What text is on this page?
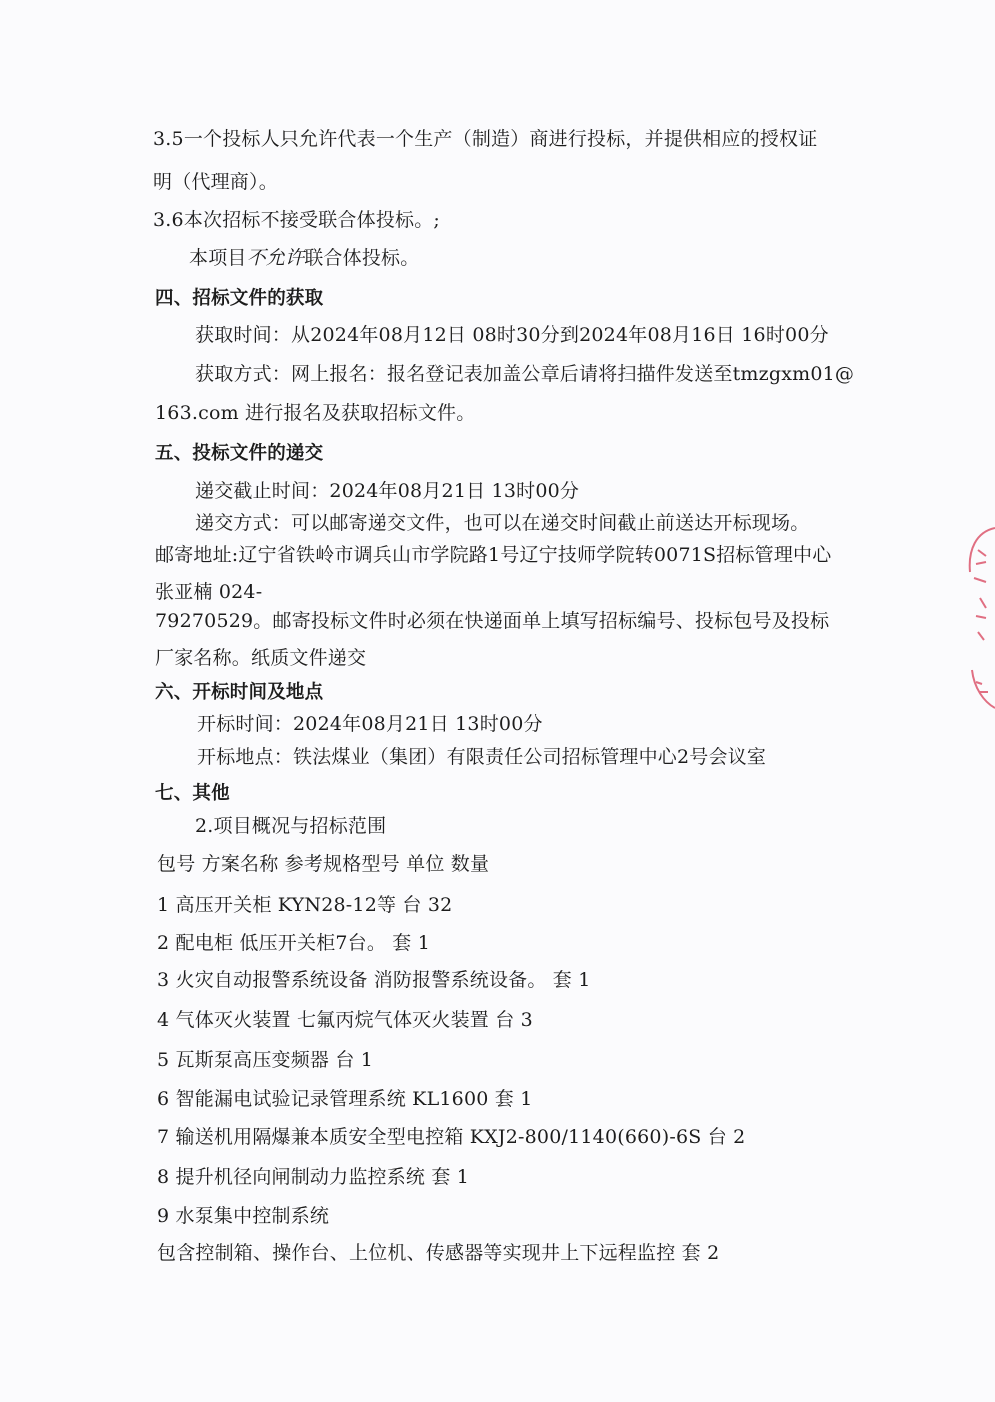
3.5一个投标人只允许代表一个生产（制造）商进行投标，并提供相应的授权证
明（代理商）。
3.6本次招标不接受联合体投标。;
本项目不允许联合体投标。
四、招标文件的获取
获取时间：从2024年08月12日 08时30分到2024年08月16日 16时00分
获取方式：网上报名：报名登记表加盖公章后请将扫描件发送至tmzgxm01@
163.com 进行报名及获取招标文件。
五、投标文件的递交
递交截止时间：2024年08月21日 13时00分
递交方式：可以邮寄递交文件，也可以在递交时间截止前送达开标现场。
邮寄地址:辽宁省铁岭市调兵山市学院路1号辽宁技师学院转0071S招标管理中心
张亚楠 024-
79270529。邮寄投标文件时必须在快递面单上填写招标编号、投标包号及投标
厂家名称。纸质文件递交
六、开标时间及地点
开标时间：2024年08月21日 13时00分
开标地点：铁法煤业（集团）有限责任公司招标管理中心2号会议室
七、其他
2.项目概况与招标范围
包号 方案名称 参考规格型号 单位 数量
1 高压开关柜 KYN28-12等 台 32
2 配电柜 低压开关柜7台。 套 1
3 火灾自动报警系统设备 消防报警系统设备。 套 1
4 气体灭火装置 七氟丙烷气体灭火装置 台 3
5 瓦斯泵高压变频器 台 1
6 智能漏电试验记录管理系统 KL1600 套 1
7 输送机用隔爆兼本质安全型电控箱 KXJ2-800/1140(660)-6S 台 2
8 提升机径向闸制动力监控系统 套 1
9 水泵集中控制系统
包含控制箱、操作台、上位机、传感器等实现井上下远程监控 套 2
